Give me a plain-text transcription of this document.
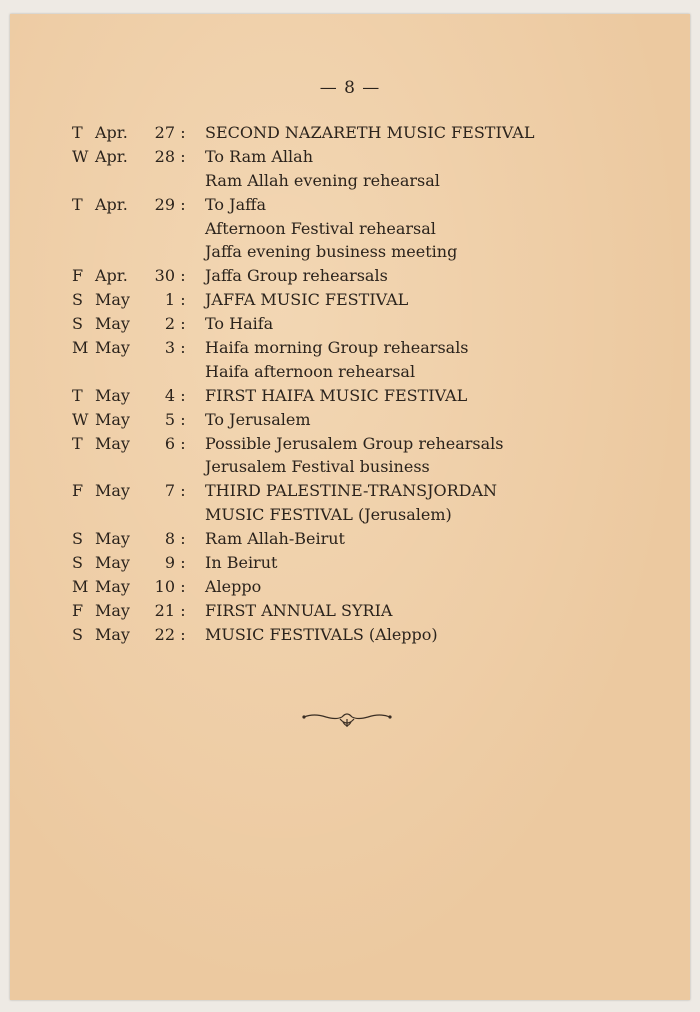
— 8 —
T Apr.	27 :	SECOND NAZARETH MUSIC FESTIVAL
W Apr.	28 :	To Ram Allah
Ram Allah evening rehearsal
T Apr.	29 :	To Jaffa
Afternoon Festival rehearsal
Jaffa evening business meeting
F Apr.	30 :	Jaffa Group rehearsals
S May	1 :	JAFFA MUSIC FESTIVAL
S May	2 :	To Haifa
M May	3 :	Haifa morning Group rehearsals
Haifa afternoon rehearsal
T May	4 :	FIRST HAIFA MUSIC FESTIVAL
W May	5 :	To Jerusalem
T May	6 :	Possible Jerusalem Group rehearsals
Jerusalem Festival business
F May	7 :	THIRD PALESTINE-TRANSJORDAN
MUSIC FESTIVAL (Jerusalem)
S May	8 :	Ram Allah-Beirut
S May	9 :	In Beirut
M May	10 :	Aleppo
F May	21 :	FIRST ANNUAL SYRIA
S May	22 :	MUSIC FESTIVALS (Aleppo)
